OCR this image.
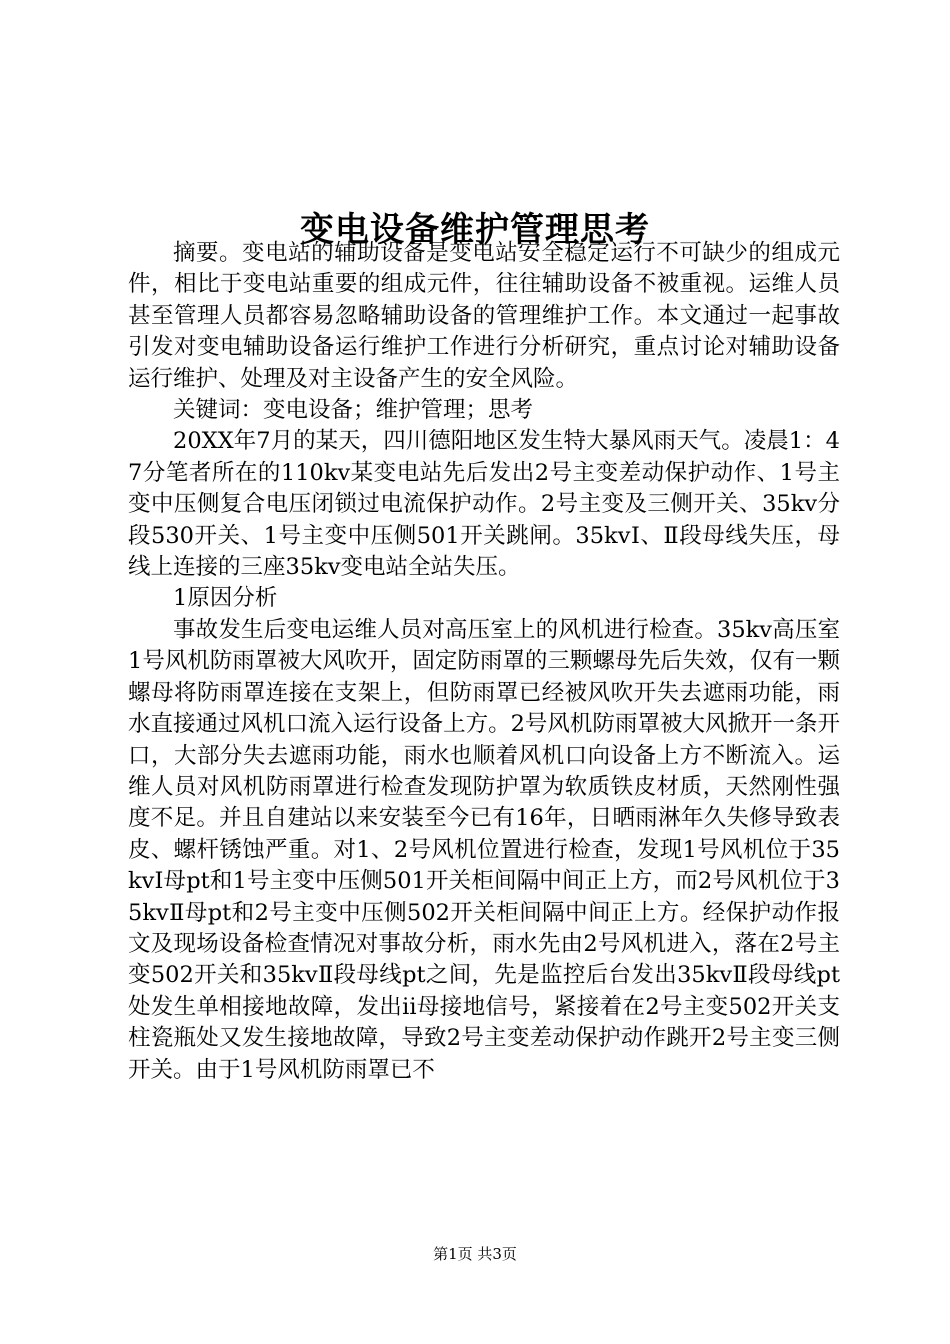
变电设备维护管理思考

摘要。变电站的辅助设备是变电站安全稳定运行不可缺少的组成元件，相比于变电站重要的组成元件，往往辅助设备不被重视。运维人员甚至管理人员都容易忽略辅助设备的管理维护工作。本文通过一起事故引发对变电辅助设备运行维护工作进行分析研究，重点讨论对辅助设备运行维护、处理及对主设备产生的安全风险。

关键词：变电设备；维护管理；思考

20XX年7月的某天，四川德阳地区发生特大暴风雨天气。凌晨1：47分笔者所在的110kv某变电站先后发出2号主变差动保护动作、1号主变中压侧复合电压闭锁过电流保护动作。2号主变及三侧开关、35kv分段530开关、1号主变中压侧501开关跳闸。35kvⅠ、Ⅱ段母线失压，母线上连接的三座35kv变电站全站失压。

1原因分析

事故发生后变电运维人员对高压室上的风机进行检查。35kv高压室1号风机防雨罩被大风吹开，固定防雨罩的三颗螺母先后失效，仅有一颗螺母将防雨罩连接在支架上，但防雨罩已经被风吹开失去遮雨功能，雨水直接通过风机口流入运行设备上方。2号风机防雨罩被大风掀开一条开口，大部分失去遮雨功能，雨水也顺着风机口向设备上方不断流入。运维人员对风机防雨罩进行检查发现防护罩为软质铁皮材质，天然刚性强度不足。并且自建站以来安装至今已有16年，日晒雨淋年久失修导致表皮、螺杆锈蚀严重。对1、2号风机位置进行检查，发现1号风机位于35kvⅠ母pt和1号主变中压侧501开关柜间隔中间正上方，而2号风机位于35kvⅡ母pt和2号主变中压侧502开关柜间隔中间正上方。经保护动作报文及现场设备检查情况对事故分析，雨水先由2号风机进入，落在2号主变502开关和35kvⅡ段母线pt之间，先是监控后台发出35kvⅡ段母线pt处发生单相接地故障，发出ii母接地信号，紧接着在2号主变502开关支柱瓷瓶处又发生接地故障，导致2号主变差动保护动作跳开2号主变三侧开关。由于1号风机防雨罩已不

第1页 共3页
